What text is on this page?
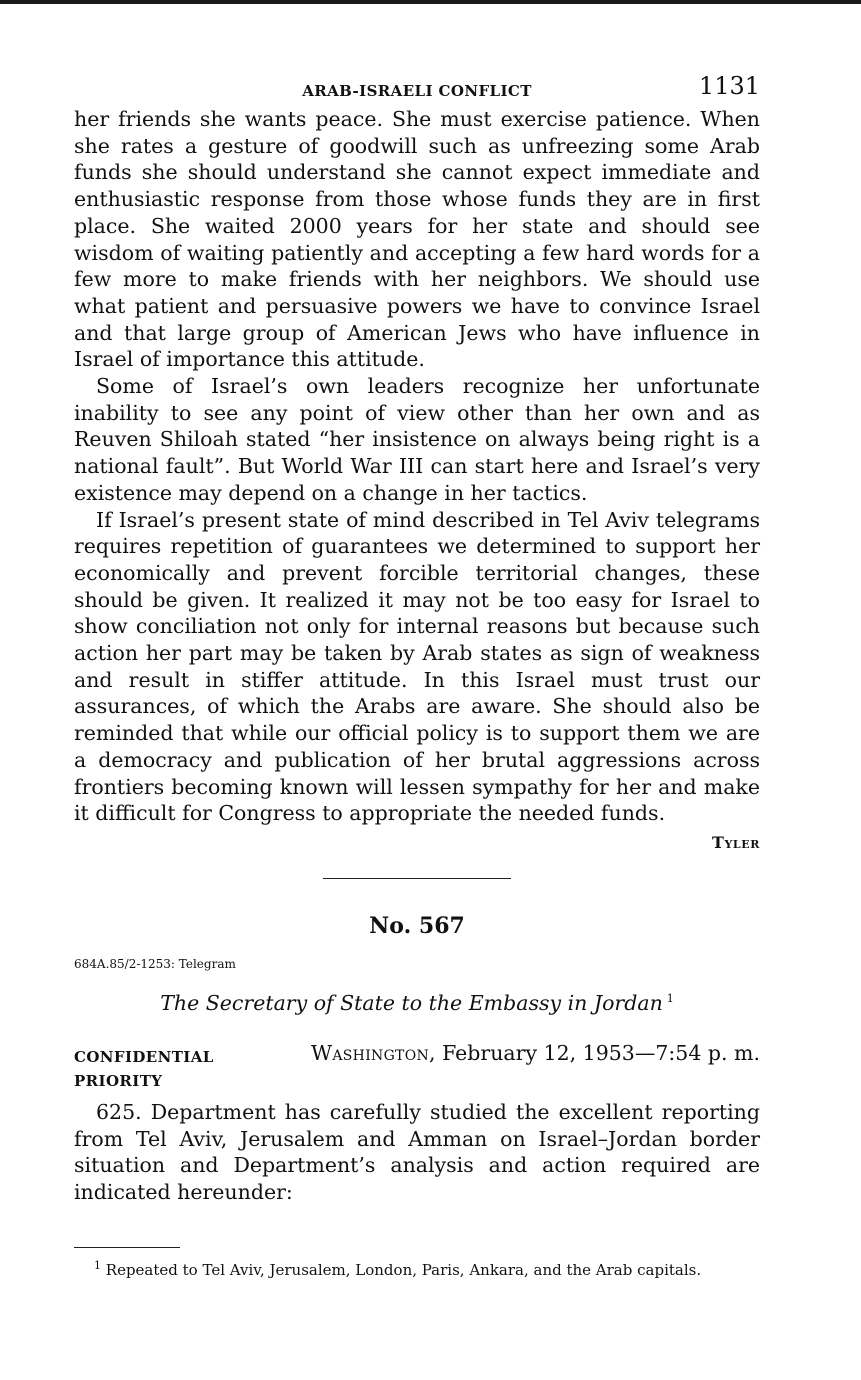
ARAB-ISRAELI CONFLICT	1131

her friends she wants peace. She must exercise patience. When she rates a gesture of goodwill such as unfreezing some Arab funds she should understand she cannot expect immediate and enthusiastic response from those whose funds they are in first place. She waited 2000 years for her state and should see wisdom of waiting patiently and accepting a few hard words for a few more to make friends with her neighbors. We should use what patient and persuasive powers we have to convince Israel and that large group of American Jews who have influence in Israel of importance this attitude.

Some of Israel’s own leaders recognize her unfortunate inability to see any point of view other than her own and as Reuven Shiloah stated “her insistence on always being right is a national fault”. But World War III can start here and Israel’s very existence may depend on a change in her tactics.

If Israel’s present state of mind described in Tel Aviv telegrams requires repetition of guarantees we determined to support her economically and prevent forcible territorial changes, these should be given. It realized it may not be too easy for Israel to show conciliation not only for internal reasons but because such action her part may be taken by Arab states as sign of weakness and result in stiffer attitude. In this Israel must trust our assurances, of which the Arabs are aware. She should also be reminded that while our official policy is to support them we are a democracy and publication of her brutal aggressions across frontiers becoming known will lessen sympathy for her and make it difficult for Congress to appropriate the needed funds.

Tyler
No. 567
684A.85/2-1253: Telegram
The Secretary of State to the Embassy in Jordan $^1$
CONFIDENTIAL
PRIORITY
Washington, February 12, 1953—7:54 p. m.

625. Department has carefully studied the excellent reporting from Tel Aviv, Jerusalem and Amman on Israel–Jordan border situation and Department’s analysis and action required are indicated hereunder:

$^1$ Repeated to Tel Aviv, Jerusalem, London, Paris, Ankara, and the Arab capitals.
